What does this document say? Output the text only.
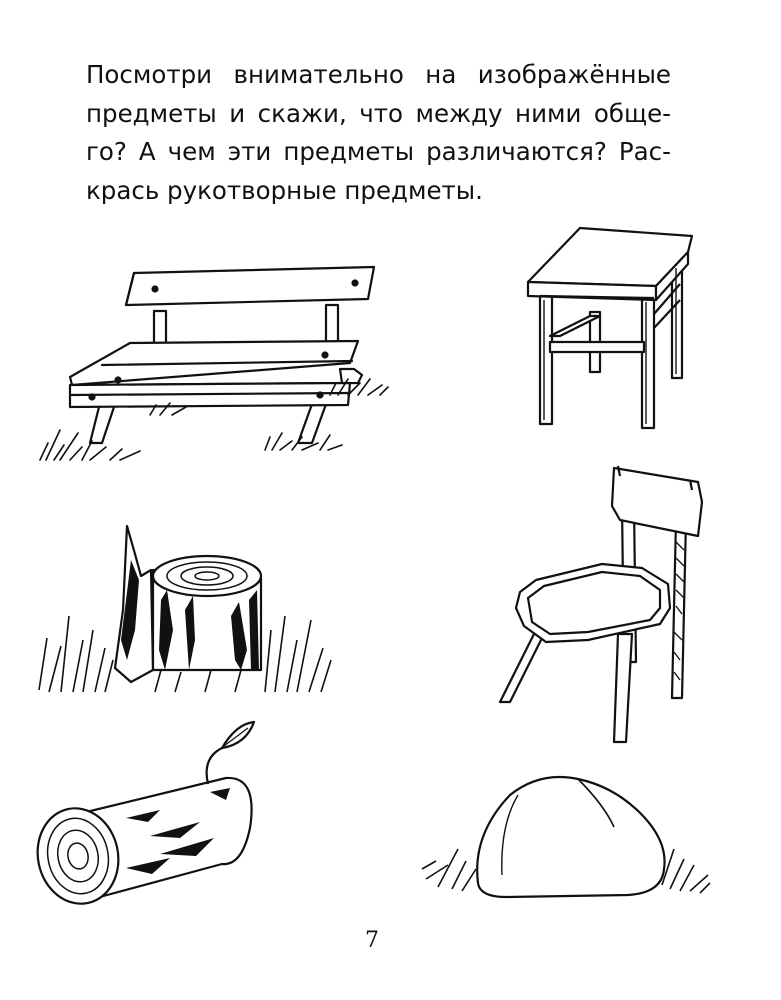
Посмотри внимательно на изображённые
предметы и скажи, что между ними обще-
го? А чем эти предметы различаются? Рас-
крась рукотворные предметы.
7
